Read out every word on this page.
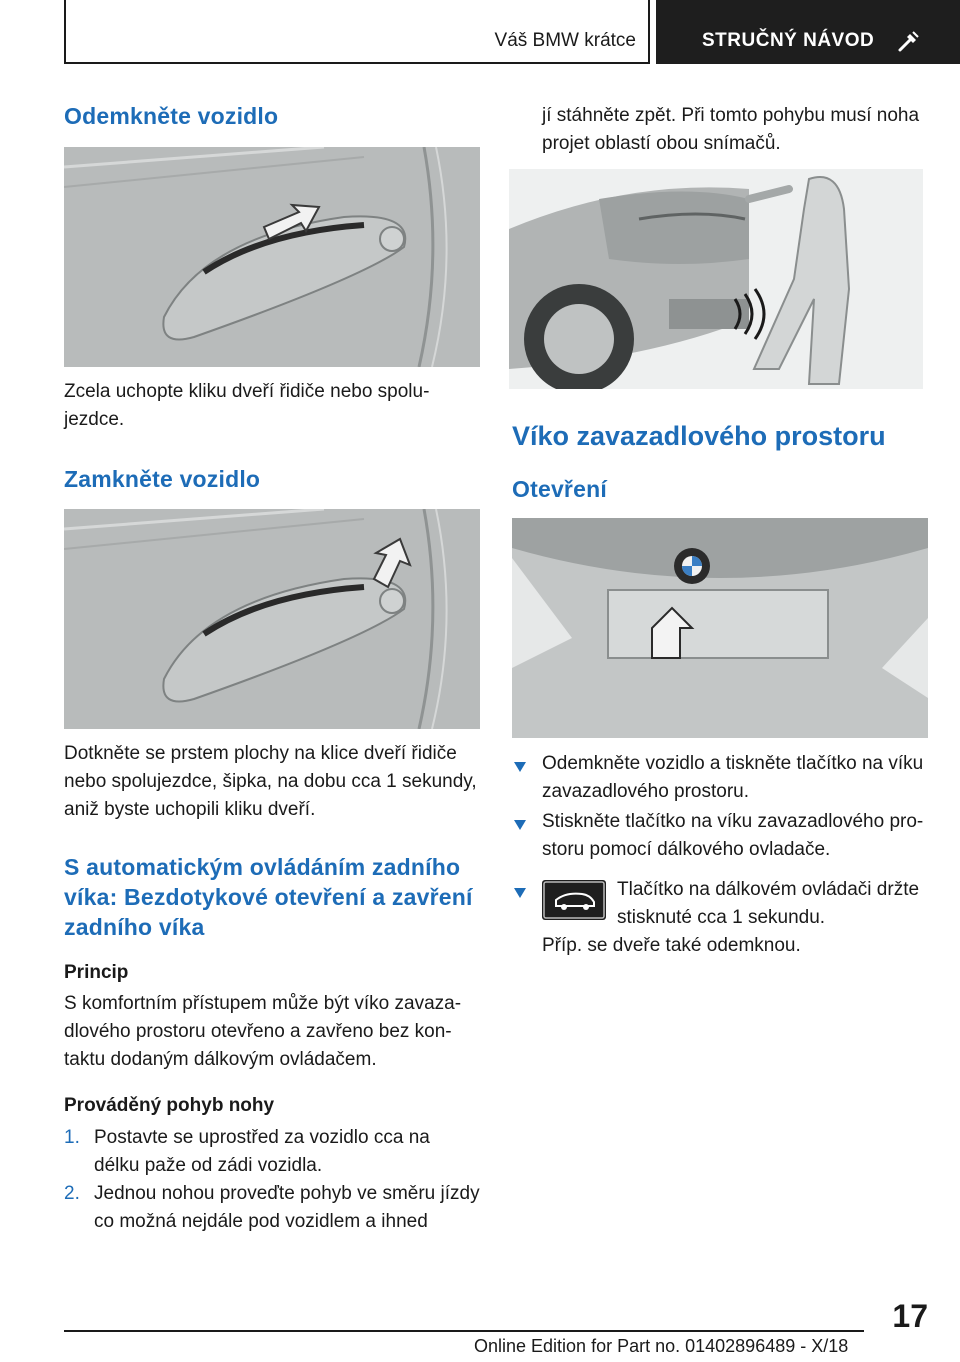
Váš BMW krátce	STRUČNÝ NÁVOD
Odemkněte vozidlo

Zcela uchopte kliku dveří řidiče nebo spolu-jezdce.

Zamkněte vozidlo

Dotkněte se prstem plochy na klice dveří řidiče nebo spolujezdce, šipka, na dobu cca 1 sekundy, aniž byste uchopili kliku dveří.

S automatickým ovládáním zadního víka: Bezdotykové otevření a zavření zadního víka
Princip

S komfortním přístupem může být víko zavaza-dlového prostoru otevřeno a zavřeno bez kon-taktu dodaným dálkovým ovládačem.

Prováděný pohyb nohy
1. Postavte se uprostřed za vozidlo cca na délku paže od zádi vozidla.

2. Jednou nohou proveďte pohyb ve směru jízdy co možná nejdále pod vozidlem a ihned

jí stáhněte zpět. Při tomto pohybu musí noha projet oblastí obou snímačů.

Víko zavazadlového prostoru
Otevření

Odemkněte vozidlo a tiskněte tlačítko na víku zavazadlového prostoru.

Stiskněte tlačítko na víku zavazadlového pro-storu pomocí dálkového ovladače.

Tlačítko na dálkovém ovládači držte stisknuté cca 1 sekundu.

Příp. se dveře také odemknou.

17
Online Edition for Part no. 01402896489 - X/18
